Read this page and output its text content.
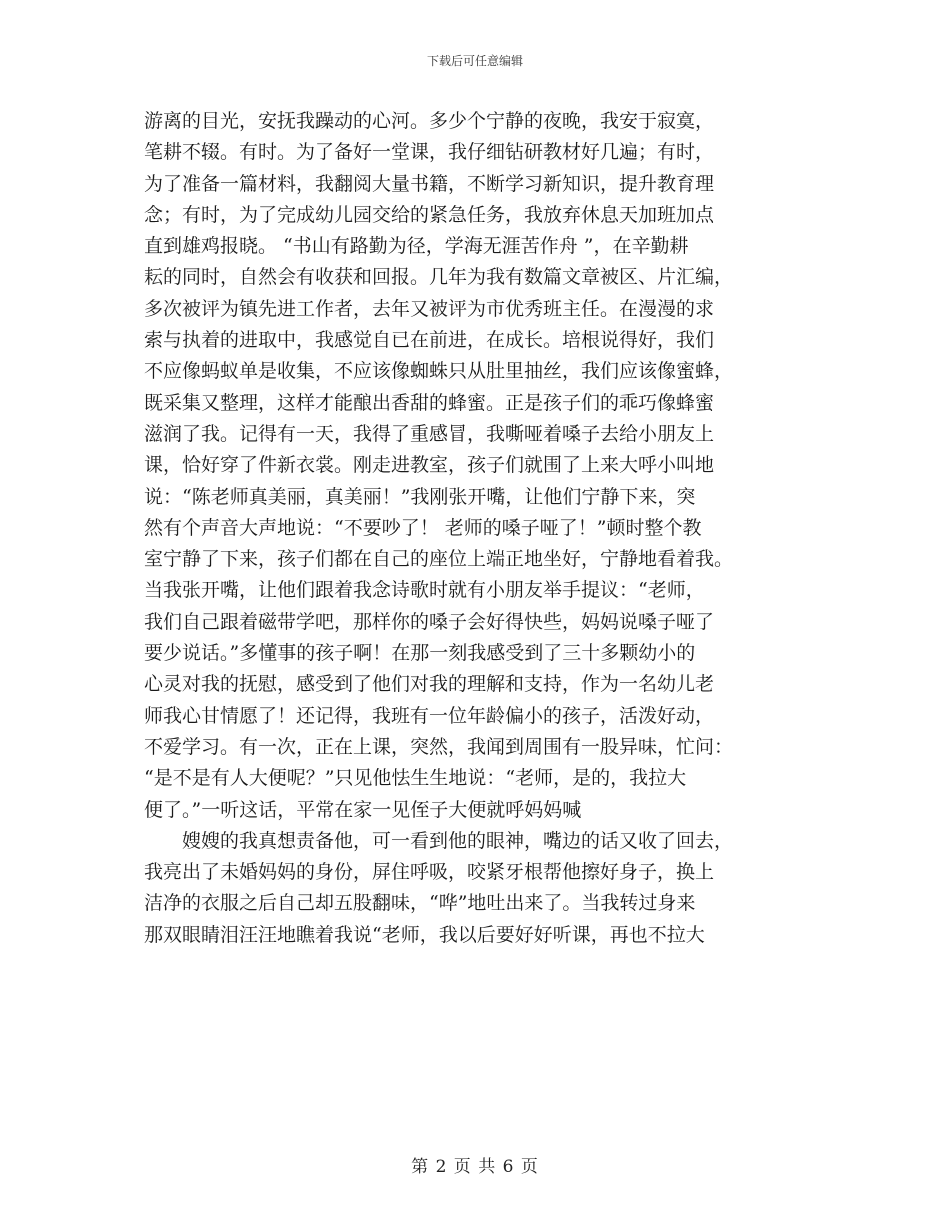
下载后可任意编辑
游离的目光，安抚我躁动的心河。多少个宁静的夜晚，我安于寂寞，
笔耕不辍。有时。为了备好一堂课，我仔细钻研教材好几遍；有时，
为了准备一篇材料，我翻阅大量书籍，不断学习新知识，提升教育理
念；有时，为了完成幼儿园交给的紧急任务，我放弃休息天加班加点
直到雄鸡报晓。 “书山有路勤为径，学海无涯苦作舟 ”，在辛勤耕
耘的同时，自然会有收获和回报。几年为我有数篇文章被区、片汇编，
多次被评为镇先进工作者，去年又被评为市优秀班主任。在漫漫的求
索与执着的进取中，我感觉自已在前进，在成长。培根说得好，我们
不应像蚂蚁单是收集，不应该像蜘蛛只从肚里抽丝，我们应该像蜜蜂，
既采集又整理，这样才能酿出香甜的蜂蜜。正是孩子们的乖巧像蜂蜜
滋润了我。记得有一天，我得了重感冒，我嘶哑着嗓子去给小朋友上
课，恰好穿了件新衣裳。刚走进教室，孩子们就围了上来大呼小叫地
说：“陈老师真美丽，真美丽！”我刚张开嘴，让他们宁静下来，突
然有个声音大声地说：“不要吵了！ 老师的嗓子哑了！”顿时整个教
室宁静了下来，孩子们都在自己的座位上端正地坐好，宁静地看着我。
当我张开嘴，让他们跟着我念诗歌时就有小朋友举手提议：“老师，
我们自己跟着磁带学吧，那样你的嗓子会好得快些，妈妈说嗓子哑了
要少说话。”多懂事的孩子啊！在那一刻我感受到了三十多颗幼小的
心灵对我的抚慰，感受到了他们对我的理解和支持，作为一名幼儿老
师我心甘情愿了！还记得，我班有一位年龄偏小的孩子，活泼好动，
不爱学习。有一次，正在上课，突然，我闻到周围有一股异味，忙问：
“是不是有人大便呢？”只见他怯生生地说：“老师，是的，我拉大
便了。”一听这话，平常在家一见侄子大便就呼妈妈喊
嫂嫂的我真想责备他，可一看到他的眼神，嘴边的话又收了回去，
我亮出了未婚妈妈的身份，屏住呼吸，咬紧牙根帮他擦好身子，换上
洁净的衣服之后自己却五股翻味，“哗”地吐出来了。当我转过身来
那双眼睛泪汪汪地瞧着我说“老师，我以后要好好听课，再也不拉大
第 2 页 共 6 页
